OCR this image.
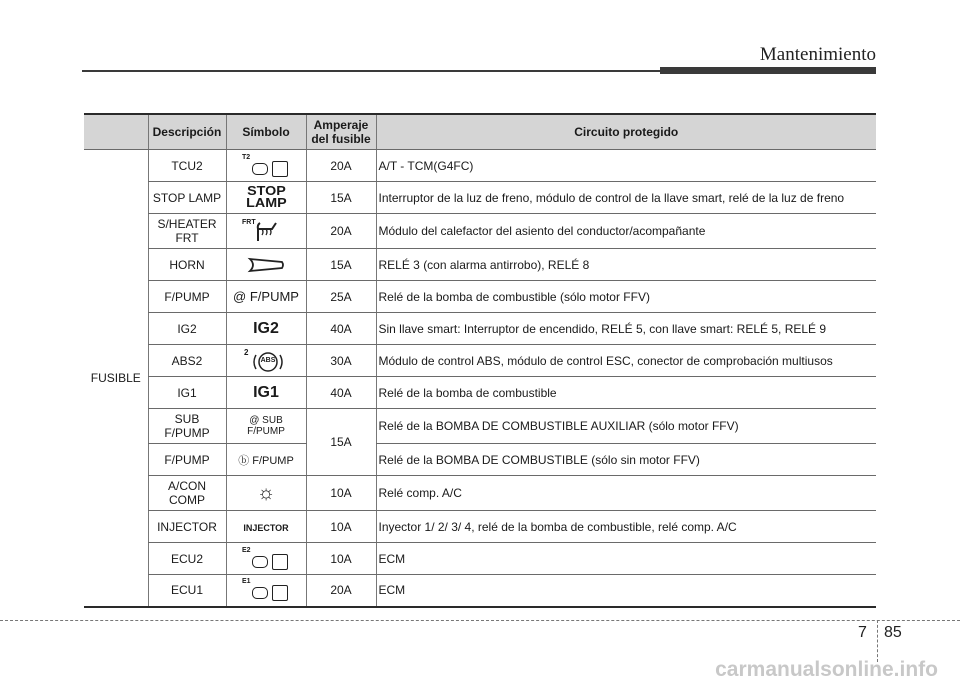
Mantenimiento
	Descripción	Símbolo	Amperaje
del fusible	Circuito protegido
FUSIBLE	TCU2	T2	20A	A/T - TCM(G4FC)
	STOP LAMP	STOP
LAMP	15A	Interruptor de la luz de freno, módulo de control de la llave smart, relé de la luz de freno
	S/HEATER
FRT	FRT	20A	Módulo del calefactor del asiento del conductor/acompañante
	HORN		15A	RELÉ 3 (con alarma antirrobo), RELÉ 8
	F/PUMP	@ F/PUMP	25A	Relé de la bomba de combustible (sólo motor FFV)
	IG2	IG2	40A	Sin llave smart: Interruptor de encendido, RELÉ 5, con llave smart: RELÉ 5, RELÉ 9
	ABS2	2
ABS	30A	Módulo de control ABS, módulo de control ESC, conector de comprobación multiusos
	IG1	IG1	40A	Relé de la bomba de combustible
	SUB
F/PUMP	@ SUB
F/PUMP	15A	Relé de la BOMBA DE COMBUSTIBLE AUXILIAR (sólo motor FFV)
	F/PUMP	ⓑ F/PUMP		Relé de la BOMBA DE COMBUSTIBLE (sólo sin motor FFV)
	A/CON
COMP	☼	10A	Relé comp. A/C
	INJECTOR	INJECTOR	10A	Inyector 1/ 2/ 3/ 4, relé de la bomba de combustible, relé comp. A/C
	ECU2	E2	10A	ECM
	ECU1	E1	20A	ECM
7 85
carmanualsonline.info
